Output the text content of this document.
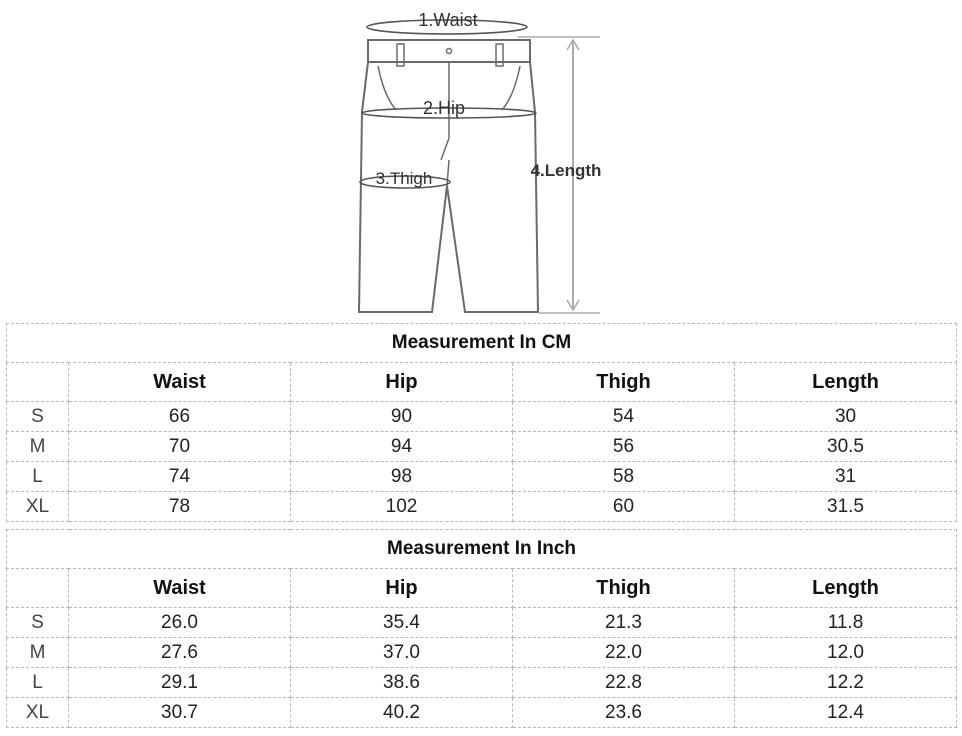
1.Waist
2.Hip
3.Thigh	4.Length
Measurement In CM				
	Waist	Hip	Thigh	Length
S	66	90	54	30
M	70	94	56	30.5
L	74	98	58	31
XL	78	102	60	31.5
Measurement In Inch				
	Waist	Hip	Thigh	Length
S	26.0	35.4	21.3	11.8
M	27.6	37.0	22.0	12.0
L	29.1	38.6	22.8	12.2
XL	30.7	40.2	23.6	12.4
